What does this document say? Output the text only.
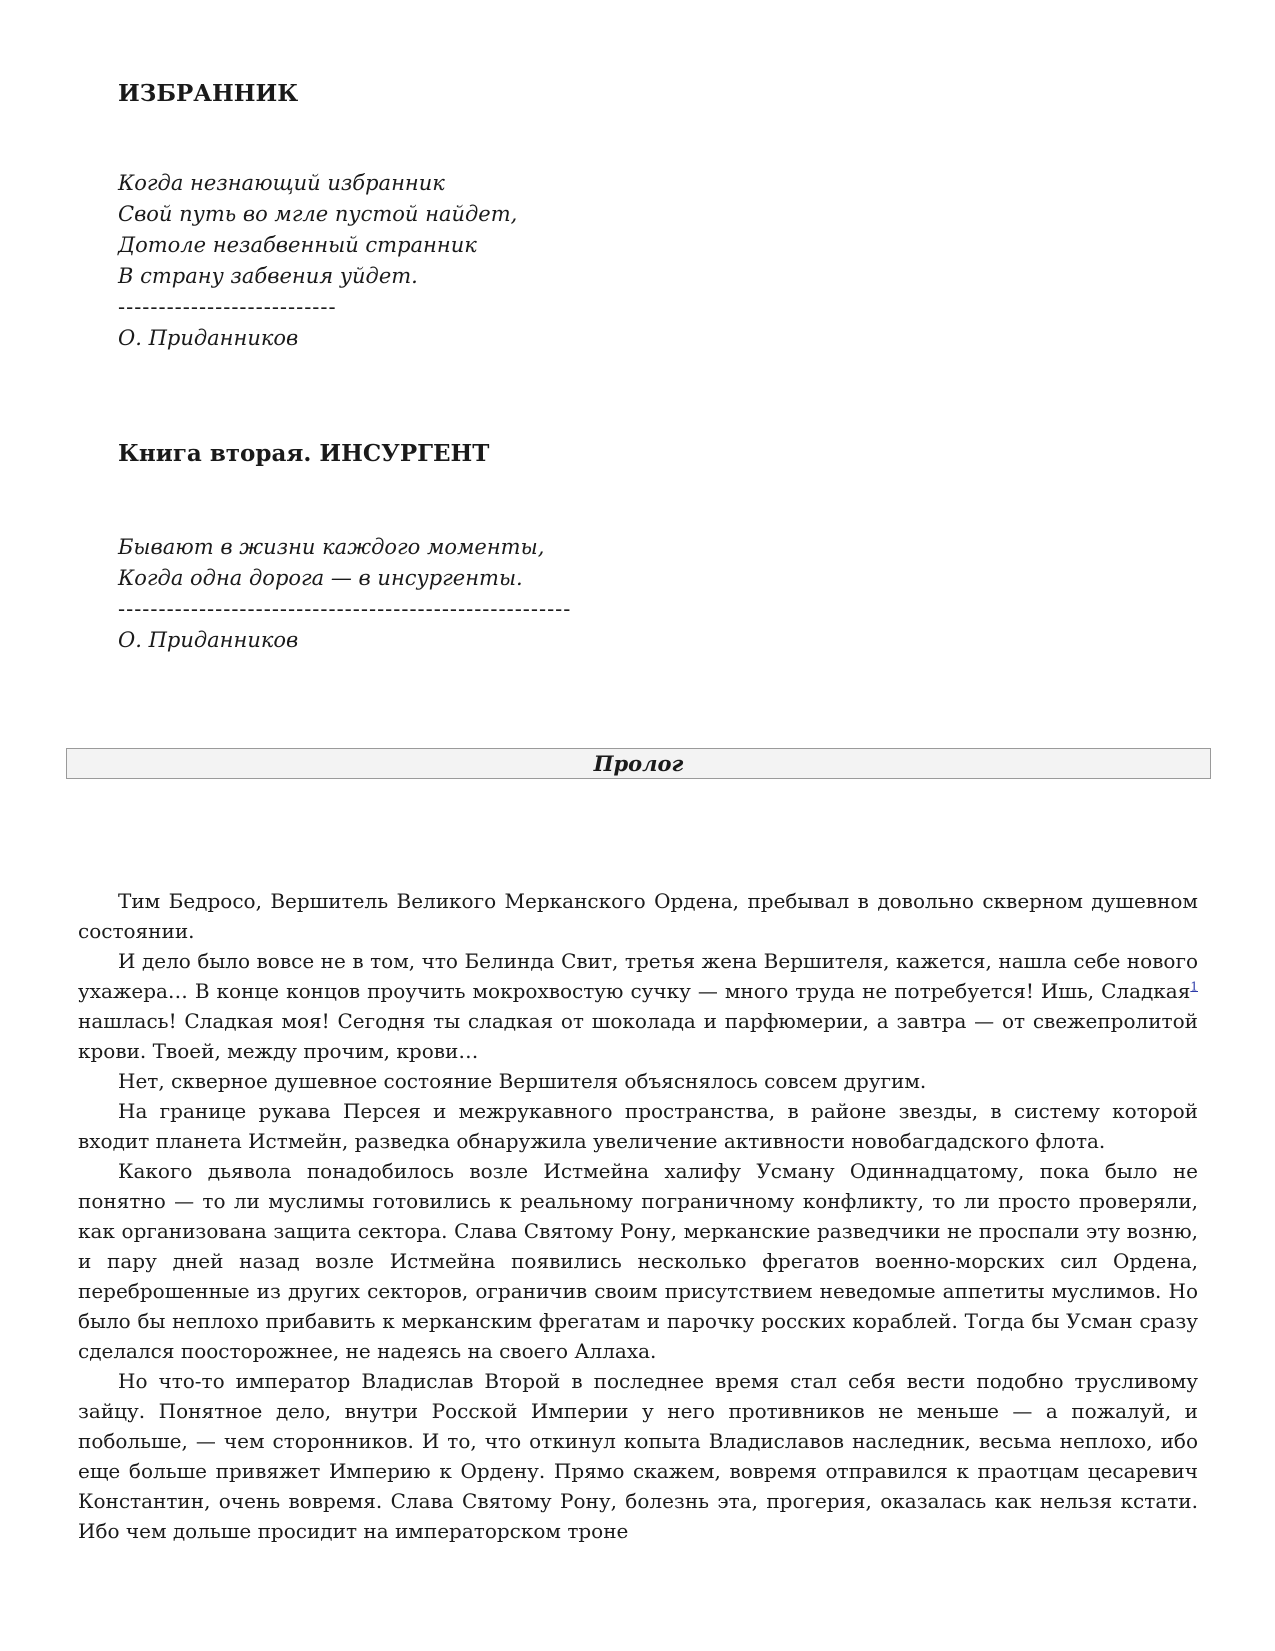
ИЗБРАННИК
Когда незнающий избранник
Свой путь во мгле пустой найдет,
Дотоле незабвенный странник
В страну забвения уйдет.
---------------------------
О. Приданников
Книга вторая. ИНСУРГЕНТ
Бывают в жизни каждого моменты,
Когда одна дорога — в инсургенты.
--------------------------------------------------------
О. Приданников
Пролог

Тим Бедросо, Вершитель Великого Мерканского Ордена, пребывал в довольно скверном душевном состоянии.

И дело было вовсе не в том, что Белинда Свит, третья жена Вершителя, кажется, нашла себе нового ухажера… В конце концов проучить мокрохвостую сучку — много труда не потребуется! Ишь, Сладкая$^1$ нашлась! Сладкая моя! Сегодня ты сладкая от шоколада и парфюмерии, а завтра — от свежепролитой крови. Твоей, между прочим, крови…

Нет, скверное душевное состояние Вершителя объяснялось совсем другим.

На границе рукава Персея и межрукавного пространства, в районе звезды, в систему которой входит планета Истмейн, разведка обнаружила увеличение активности новобагдадского флота.

Какого дьявола понадобилось возле Истмейна халифу Усману Одиннадцатому, пока было не понятно — то ли муслимы готовились к реальному пограничному конфликту, то ли просто проверяли, как организована защита сектора. Слава Святому Рону, мерканские разведчики не проспали эту возню, и пару дней назад возле Истмейна появились несколько фрегатов военно-морских сил Ордена, переброшенные из других секторов, ограничив своим присутствием неведомые аппетиты муслимов. Но было бы неплохо прибавить к мерканским фрегатам и парочку росских кораблей. Тогда бы Усман сразу сделался поосторожнее, не надеясь на своего Аллаха.

Но что-то император Владислав Второй в последнее время стал себя вести подобно трусливому зайцу. Понятное дело, внутри Росской Империи у него противников не меньше — а пожалуй, и побольше, — чем сторонников. И то, что откинул копыта Владиславов наследник, весьма неплохо, ибо еще больше привяжет Империю к Ордену. Прямо скажем, вовремя отправился к праотцам цесаревич Константин, очень вовремя. Слава Святому Рону, болезнь эта, прогерия, оказалась как нельзя кстати. Ибо чем дольше просидит на императорском троне
